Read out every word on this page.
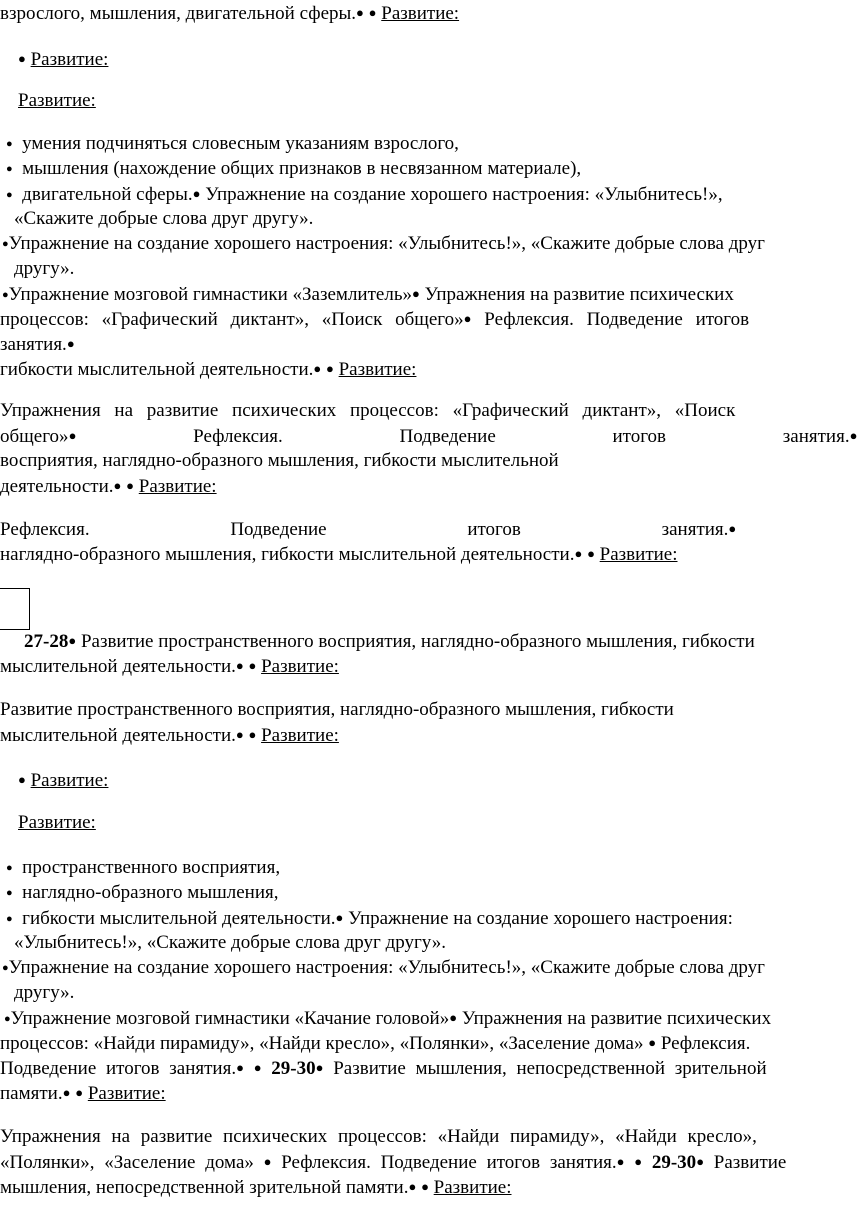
взрослого, мышления, двигательной сферы.● ● Развитие:
● Развитие:
Развитие:
● умения подчиняться словесным указаниям взрослого,
● мышления (нахождение общих признаков в несвязанном материале),
● двигательной сферы.● Упражнение на создание хорошего настроения: «Улыбнитесь!»,
«Скажите добрые слова друг другу».
●Упражнение на создание хорошего настроения: «Улыбнитесь!», «Скажите добрые слова друг
другу».
●Упражнение мозговой гимнастики «Заземлитель»● Упражнения на развитие психических
процессов: «Графический диктант», «Поиск общего»● Рефлексия. Подведение итогов
занятия.●
гибкости мыслительной деятельности.● ● Развитие:
Упражнения на развитие психических процессов: «Графический диктант», «Поиск
общего»● Рефлексия. Подведение итогов занятия.●
восприятия, наглядно-образного мышления, гибкости мыслительной
деятельности.● ● Развитие:
Рефлексия. Подведение итогов занятия.●
наглядно-образного мышления, гибкости мыслительной деятельности.● ● Развитие:
27-28● Развитие пространственного восприятия, наглядно-образного мышления, гибкости
мыслительной деятельности.● ● Развитие:
Развитие пространственного восприятия, наглядно-образного мышления, гибкости
мыслительной деятельности.● ● Развитие:
● Развитие:
Развитие:
● пространственного восприятия,
● наглядно-образного мышления,
● гибкости мыслительной деятельности.● Упражнение на создание хорошего настроения:
«Улыбнитесь!», «Скажите добрые слова друг другу».
●Упражнение на создание хорошего настроения: «Улыбнитесь!», «Скажите добрые слова друг
другу».
●Упражнение мозговой гимнастики «Качание головой»● Упражнения на развитие психических
процессов: «Найди пирамиду», «Найди кресло», «Полянки», «Заселение дома» ● Рефлексия.
Подведение итогов занятия.● ● 29-30● Развитие мышления, непосредственной зрительной
памяти.● ● Развитие:
Упражнения на развитие психических процессов: «Найди пирамиду», «Найди кресло»,
«Полянки», «Заселение дома» ● Рефлексия. Подведение итогов занятия.● ● 29-30● Развитие
мышления, непосредственной зрительной памяти.● ● Развитие:
